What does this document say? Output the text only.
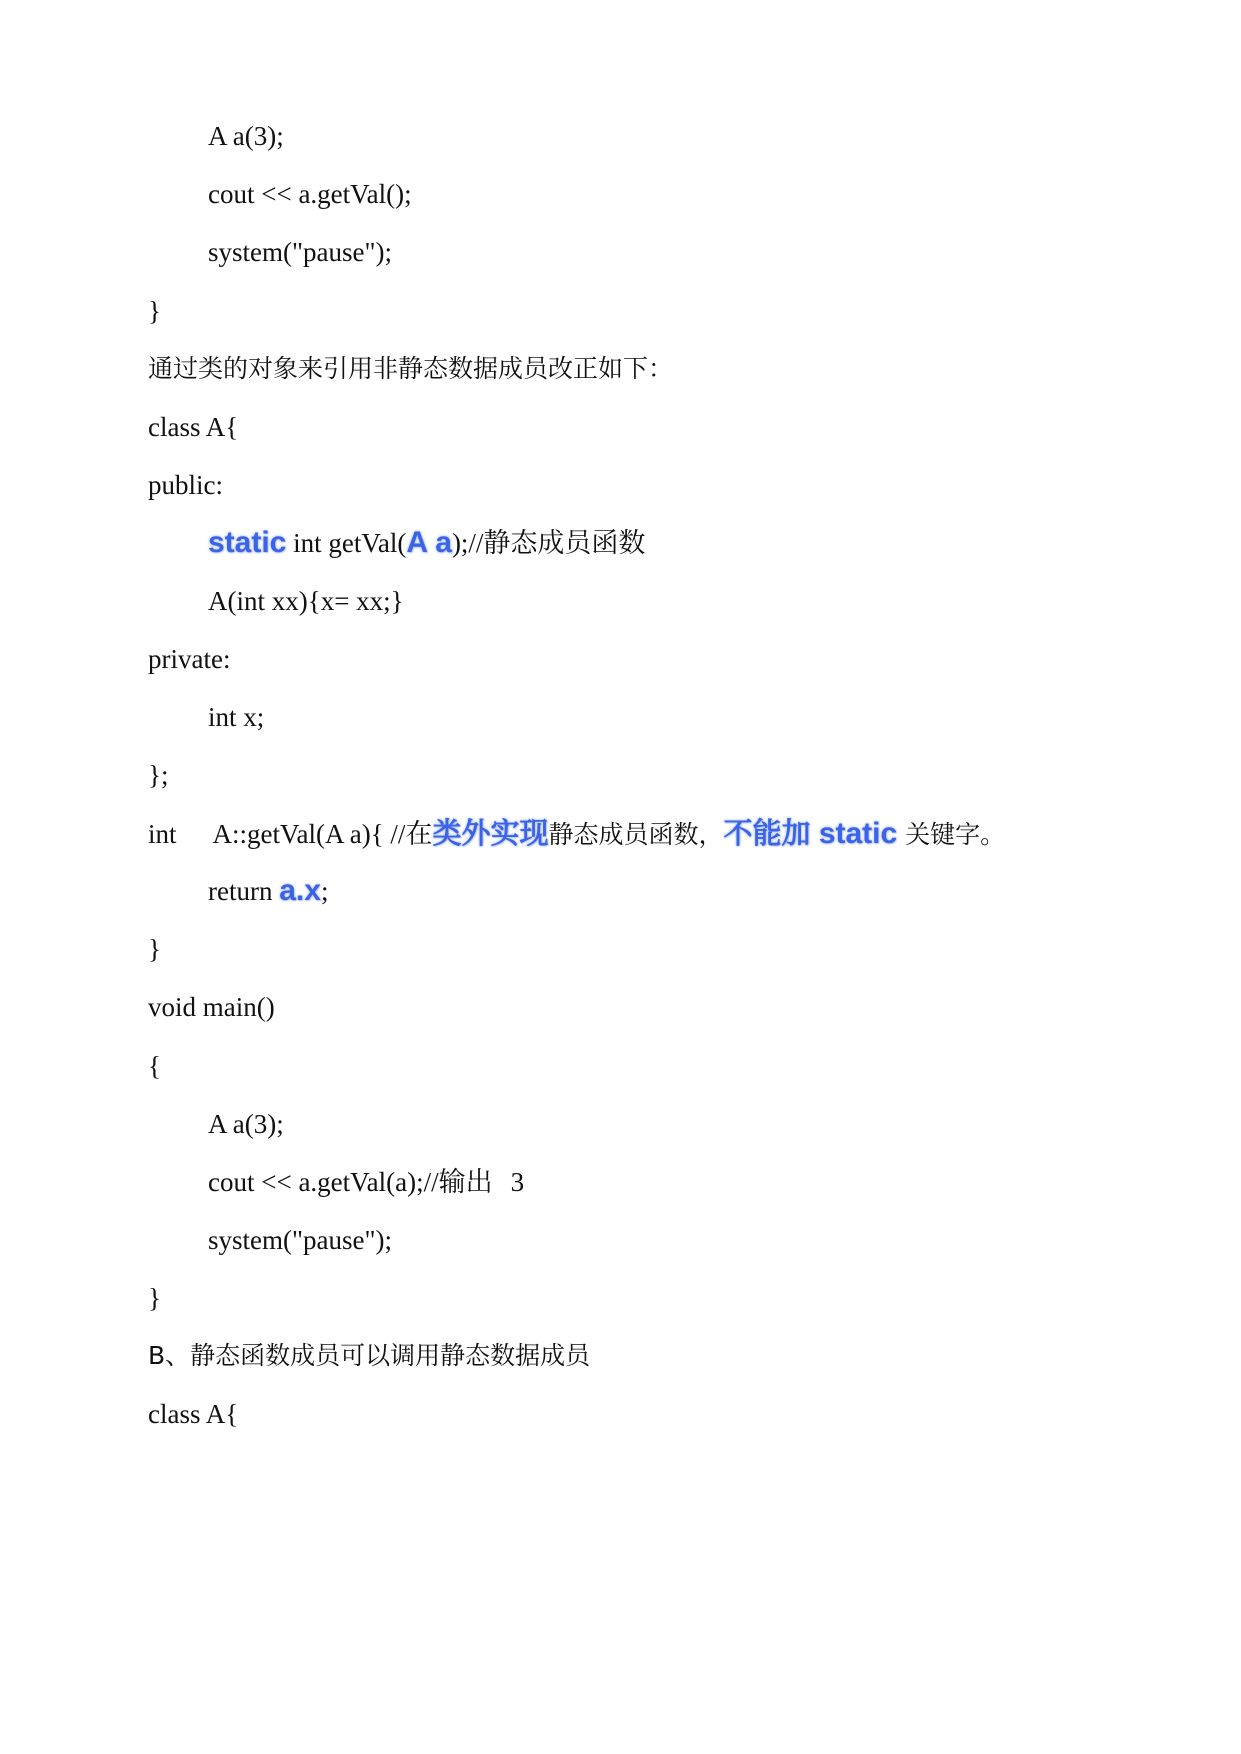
A a(3);
cout << a.getVal();
system("pause");
}
通过类的对象来引用非静态数据成员改正如下：
class A{
public:
static int getVal(A a);//静态成员函数
A(int xx){x= xx;}
private:
int x;
};
int A::getVal(A a){ //在类外实现静态成员函数，不能加 static 关键字。
return a.x;
}
void main()
{
A a(3);
cout << a.getVal(a);//输出 3
system("pause");
}
B、静态函数成员可以调用静态数据成员
class A{
